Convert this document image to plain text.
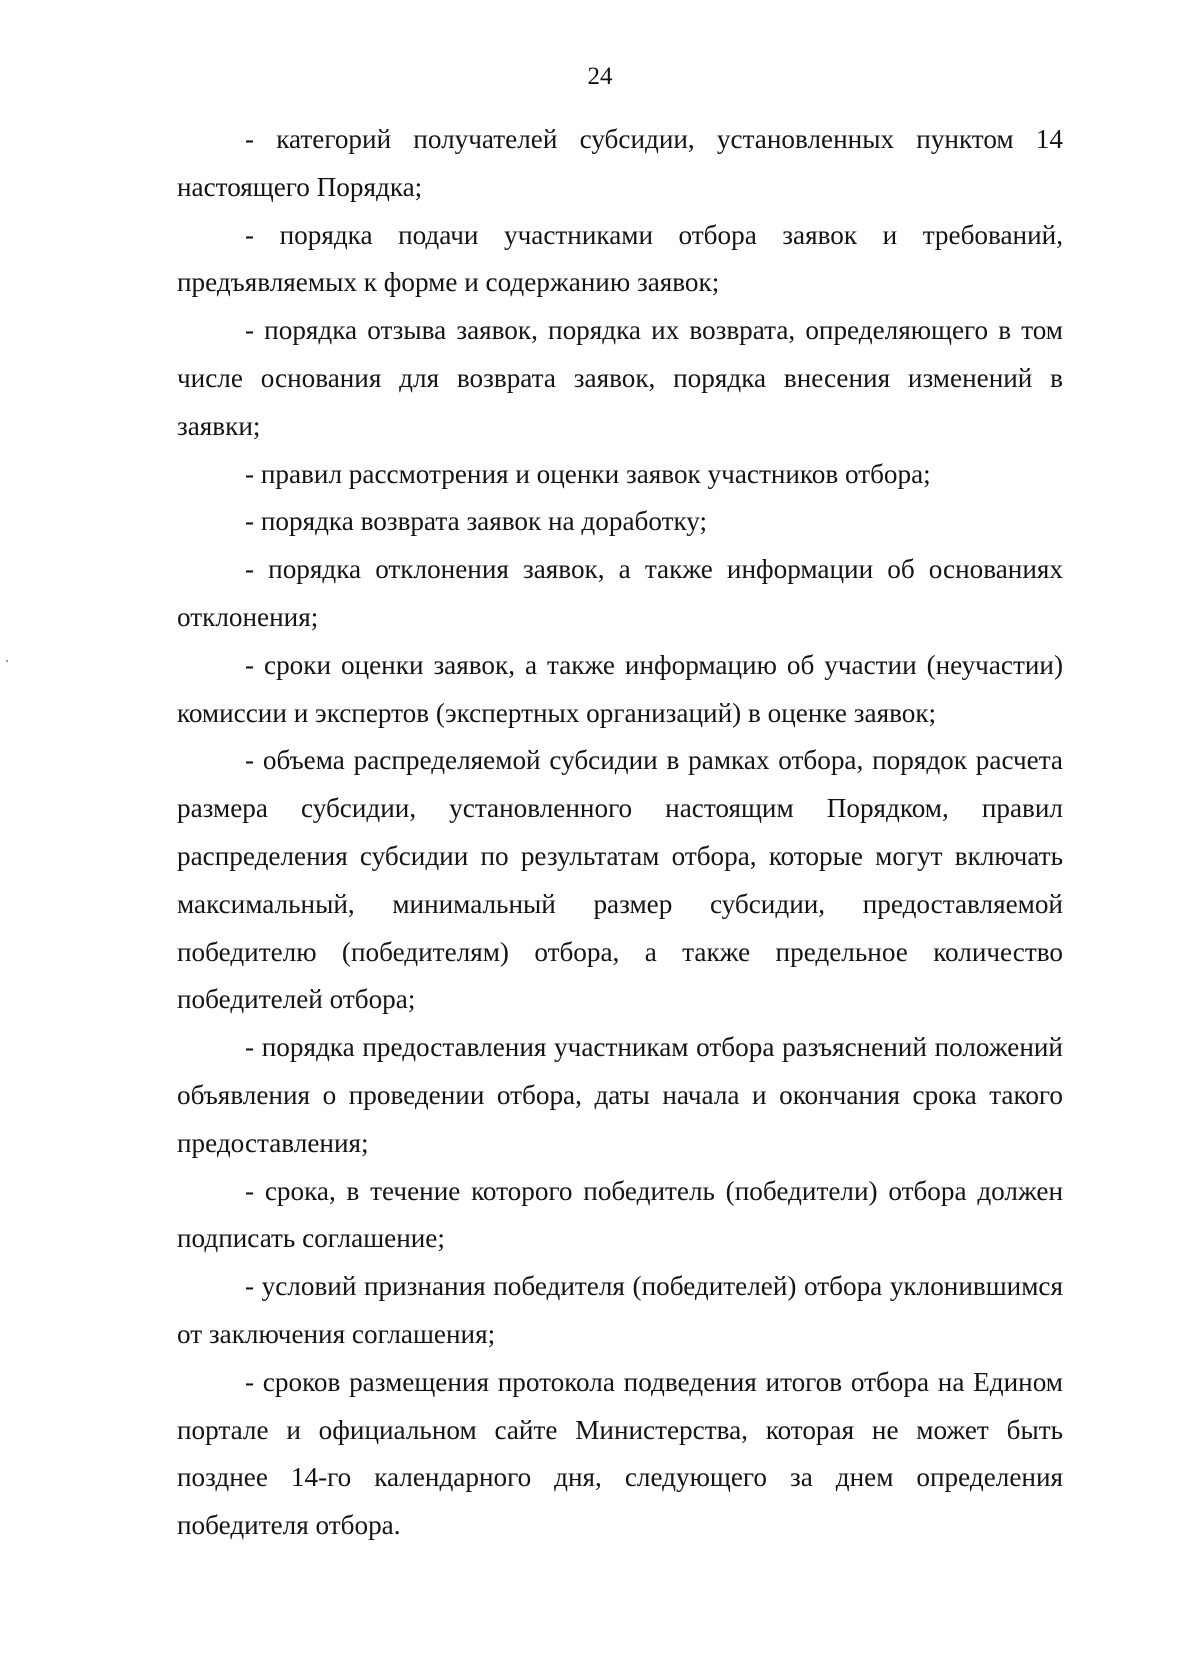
24

- категорий получателей субсидии, установленных пунктом 14 настоящего Порядка;

- порядка подачи участниками отбора заявок и требований, предъявляемых к форме и содержанию заявок;

- порядка отзыва заявок, порядка их возврата, определяющего в том числе основания для возврата заявок, порядка внесения изменений в заявки;

- правил рассмотрения и оценки заявок участников отбора;

- порядка возврата заявок на доработку;

- порядка отклонения заявок, а также информации об основаниях отклонения;

- сроки оценки заявок, а также информацию об участии (неучастии) комиссии и экспертов (экспертных организаций) в оценке заявок;

- объема распределяемой субсидии в рамках отбора, порядок расчета размера субсидии, установленного настоящим Порядком, правил распределения субсидии по результатам отбора, которые могут включать максимальный, минимальный размер субсидии, предоставляемой победителю (победителям) отбора, а также предельное количество победителей отбора;

- порядка предоставления участникам отбора разъяснений положений объявления о проведении отбора, даты начала и окончания срока такого предоставления;

- срока, в течение которого победитель (победители) отбора должен подписать соглашение;

- условий признания победителя (победителей) отбора уклонившимся от заключения соглашения;

- сроков размещения протокола подведения итогов отбора на Едином портале и официальном сайте Министерства, которая не может быть позднее 14-го календарного дня, следующего за днем определения победителя отбора.
